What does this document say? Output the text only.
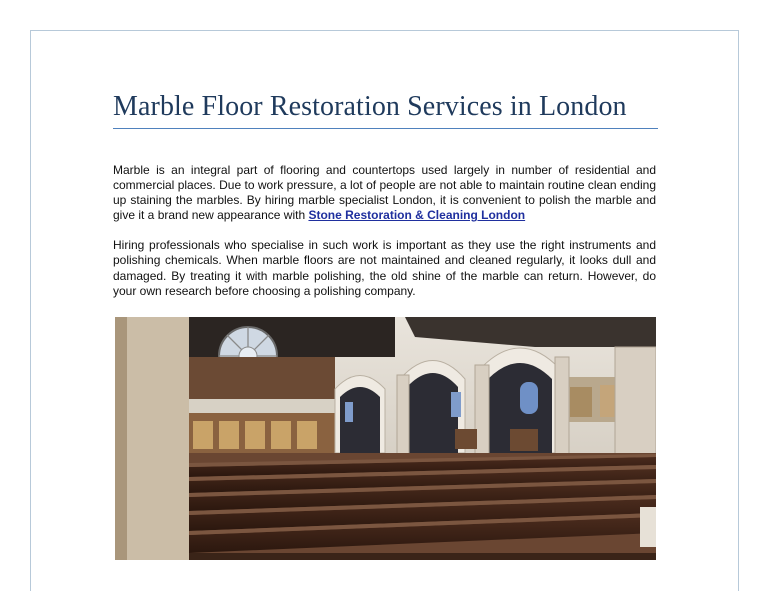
Marble Floor Restoration Services in London

Marble is an integral part of flooring and countertops used largely in number of residential and commercial places. Due to work pressure, a lot of people are not able to maintain routine clean ending up staining the marbles. By hiring marble specialist London, it is convenient to polish the marble and give it a brand new appearance with Stone Restoration & Cleaning London

Hiring professionals who specialise in such work is important as they use the right instruments and polishing chemicals. When marble floors are not maintained and cleaned regularly, it looks dull and damaged. By treating it with marble polishing, the old shine of the marble can return. However, do your own research before choosing a polishing company.
